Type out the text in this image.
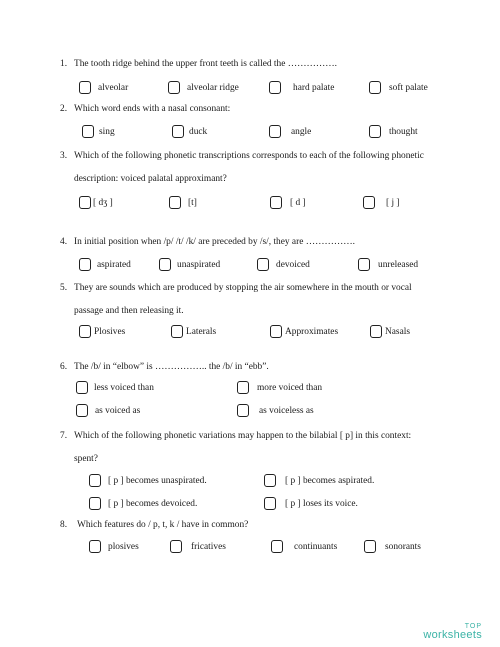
1. The tooth ridge behind the upper front teeth is called the …………….
alveolar	alveolar ridge	hard palate	soft palate
2. Which word ends with a nasal consonant:
sing	duck	angle	thought
3. Which of the following phonetic transcriptions corresponds to each of the following phonetic
description: voiced palatal approximant?
[ dʒ ]	[t]	[ d ]	[ j ]
4. In initial position when /p/ /t/ /k/ are preceded by /s/, they are …………….
aspirated	unaspirated	devoiced	unreleased
5. They are sounds which are produced by stopping the air somewhere in the mouth or vocal
passage and then releasing it.
Plosives	Laterals	Approximates	Nasals
6. The /b/ in “elbow” is …………….. the /b/ in “ebb”.
less voiced than	more voiced than
as voiced as	as voiceless as
7. Which of the following phonetic variations may happen to the bilabial [ p] in this context:
spent?
[ p ] becomes unaspirated.	[ p ] becomes aspirated.
[ p ] becomes devoiced.	[ p ] loses its voice.
8. Which features do / p, t, k / have in common?
plosives	fricatives	continuants	sonorants
TOP
worksheets
